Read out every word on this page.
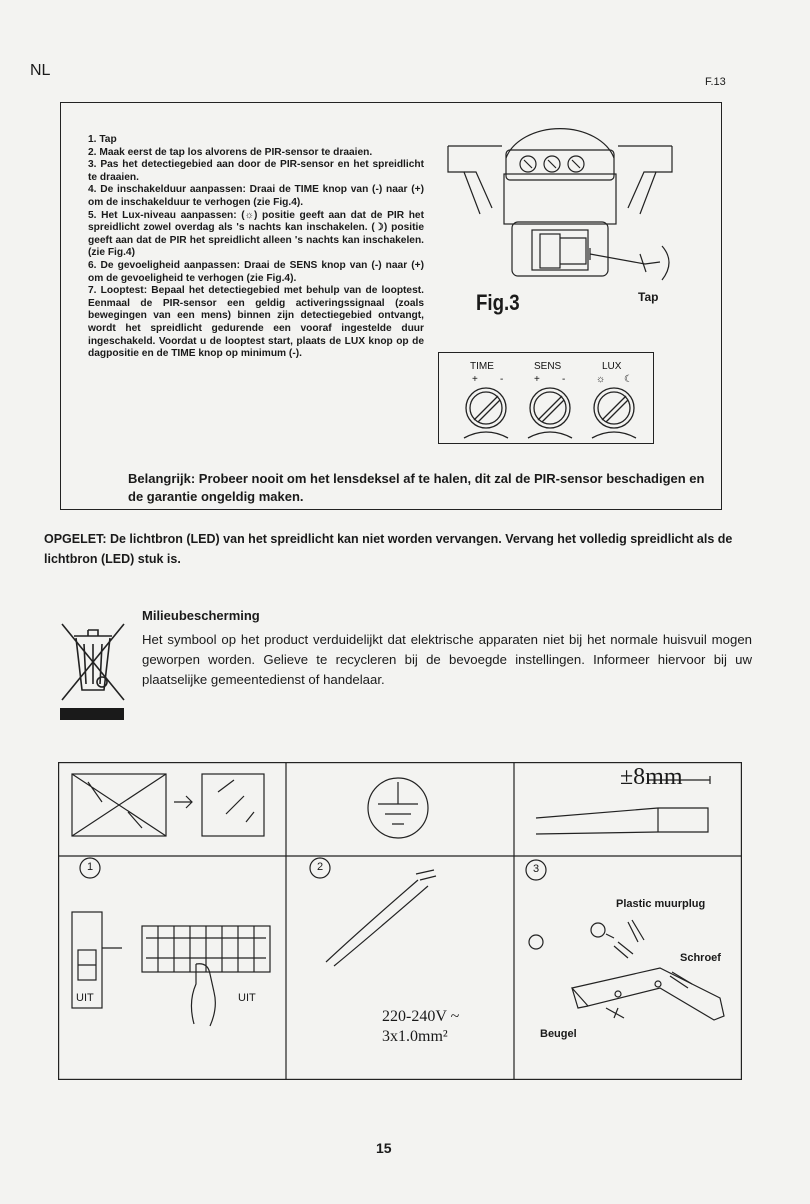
NL
F.13

1. Tap

2. Maak eerst de tap los alvorens de PIR-sensor te draaien.

3. Pas het detectiegebied aan door de PIR-sensor en het spreidlicht te draaien.

4. De inschakelduur aanpassen: Draai de TIME knop van (-) naar (+) om de inschakelduur te verhogen (zie Fig.4).

5. Het Lux-niveau aanpassen: (☼) positie geeft aan dat de PIR het spreidlicht zowel overdag als 's nachts kan inschakelen. (☽) positie geeft aan dat de PIR het spreidlicht alleen 's nachts kan inschakelen. (zie Fig.4)

6. De gevoeligheid aanpassen: Draai de SENS knop van (-) naar (+) om de gevoeligheid te verhogen (zie Fig.4).

7. Looptest: Bepaal het detectiegebied met behulp van de looptest. Eenmaal de PIR-sensor een geldig activeringssignaal (zoals bewegingen van een mens) binnen zijn detectiegebied ontvangt, wordt het spreidlicht gedurende een vooraf ingestelde duur ingeschakeld. Voordat u de looptest start, plaats de LUX knop op de dagpositie en de TIME knop op minimum (-).

Fig.3	Tap
TIME	SENS	LUX
+ -	+ -	☼ ☾
Belangrijk: Probeer nooit om het lensdeksel af te halen, dit zal de PIR-sensor beschadigen en de garantie ongeldig maken.
OPGELET: De lichtbron (LED) van het spreidlicht kan niet worden vervangen. Vervang het volledig spreidlicht als de lichtbron (LED) stuk is.
Milieubescherming
Het symbool op het product verduidelijkt dat elektrische apparaten niet bij het normale huisvuil mogen geworpen worden. Gelieve te recycleren bij de bevoegde instellingen. Informeer hiervoor bij uw plaatselijke gemeentedienst of handelaar.
±8mm
1	2	3
UIT	UIT
220-240V ~
3x1.0mm²
Plastic muurplug
Schroef
Beugel
15
